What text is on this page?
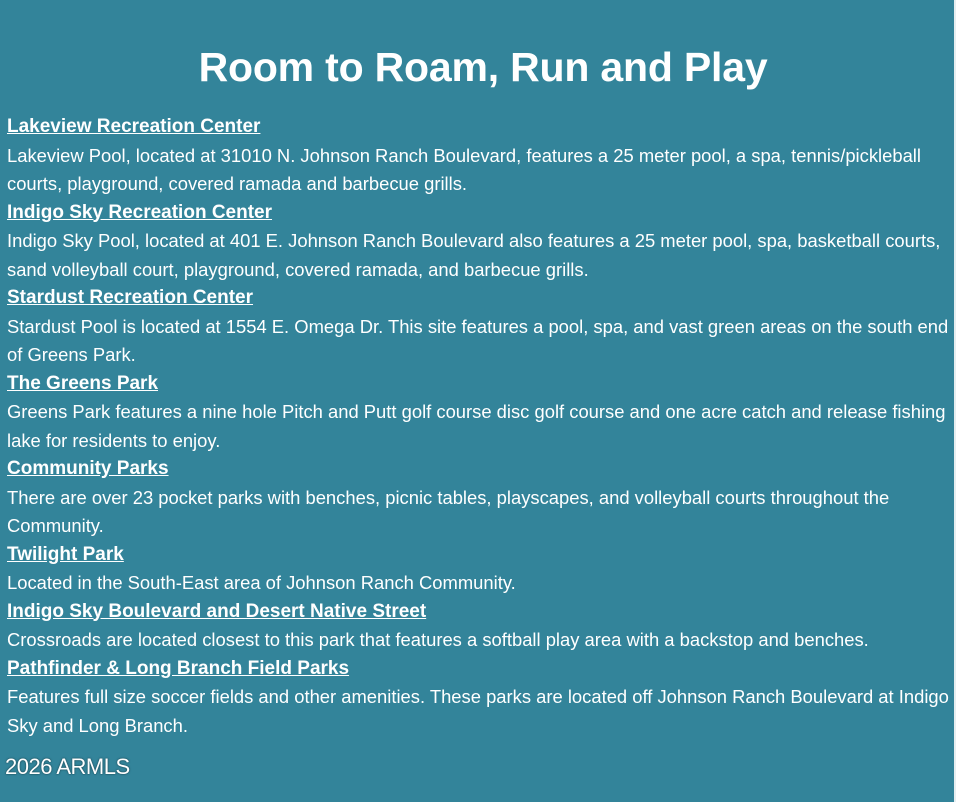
Room to Roam, Run and Play
Lakeview Recreation Center

Lakeview Pool, located at 31010 N. Johnson Ranch Boulevard, features a 25 meter pool, a spa, tennis/pickleball courts, playground, covered ramada and barbecue grills.

Indigo Sky Recreation Center

Indigo Sky Pool, located at 401 E. Johnson Ranch Boulevard also features a 25 meter pool, spa, basketball courts, sand volleyball court, playground, covered ramada, and barbecue grills.

Stardust Recreation Center

Stardust Pool is located at 1554 E. Omega Dr. This site features a pool, spa, and vast green areas on the south end of Greens Park.

The Greens Park

Greens Park features a nine hole Pitch and Putt golf course disc golf course and one acre catch and release fishing lake for residents to enjoy.

Community Parks

There are over 23 pocket parks with benches, picnic tables, playscapes, and volleyball courts throughout the Community.

Twilight Park

Located in the South-East area of Johnson Ranch Community.

Indigo Sky Boulevard and Desert Native Street

Crossroads are located closest to this park that features a softball play area with a backstop and benches.

Pathfinder & Long Branch Field Parks

Features full size soccer fields and other amenities. These parks are located off Johnson Ranch Boulevard at Indigo Sky and Long Branch.

2026 ARMLS
